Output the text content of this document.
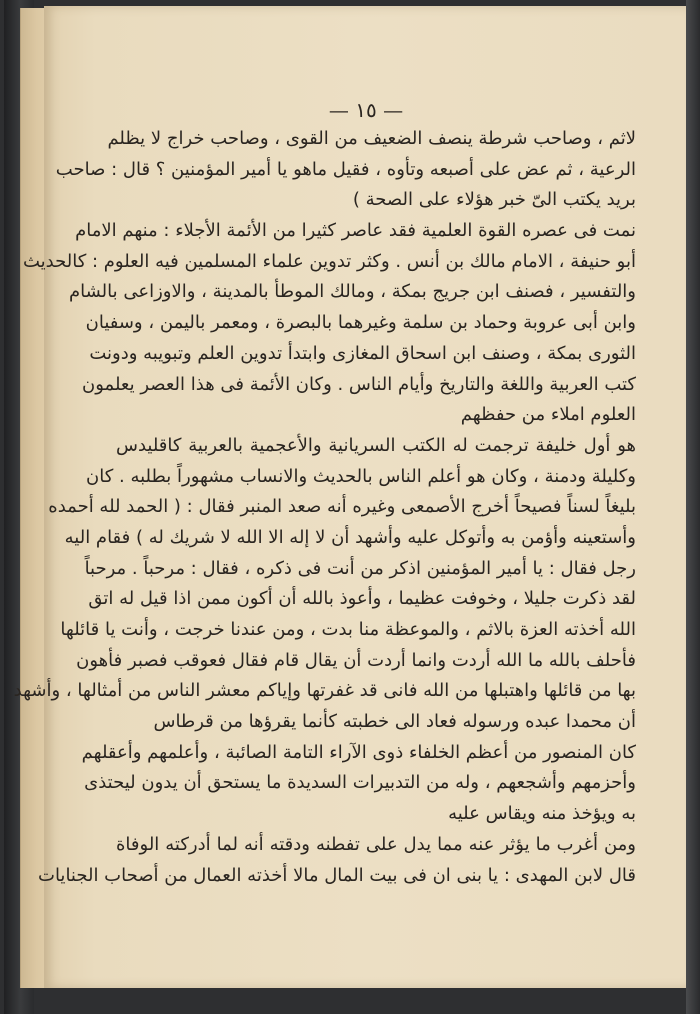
— ١٥ —

لاثم ، وصاحب شرطة ينصف الضعيف من القوى ، وصاحب خراج لا يظلم

الرعية ، ثم عض على أصبعه وتأوه ، فقيل ماهو يا أمير المؤمنين ؟ قال : صاحب

بريد يكتب الىّ خبر هؤلاء على الصحة )

نمت فى عصره القوة العلمية فقد عاصر كثيرا من الأئمة الأجلاء : منهم الامام

أبو حنيفة ، الامام مالك بن أنس . وكثر تدوين علماء المسلمين فيه العلوم : كالحديث

والتفسير ، فصنف ابن جريج بمكة ، ومالك الموطأ بالمدينة ، والاوزاعى بالشام

وابن أبى عروبة وحماد بن سلمة وغيرهما بالبصرة ، ومعمر باليمن ، وسفيان

الثورى بمكة ، وصنف ابن اسحاق المغازى وابتدأ تدوين العلم وتبويبه ودونت

كتب العربية واللغة والتاريخ وأيام الناس . وكان الأئمة فى هذا العصر يعلمون

العلوم املاء من حفظهم

هو أول خليفة ترجمت له الكتب السريانية والأعجمية بالعربية كاقليدس

وكليلة ودمنة ، وكان هو أعلم الناس بالحديث والانساب مشهوراً بطلبه . كان

بليغاً لسناً فصيحاً أخرج الأصمعى وغيره أنه صعد المنبر فقال : ( الحمد لله أحمده

وأستعينه وأؤمن به وأتوكل عليه وأشهد أن لا إله الا الله لا شريك له ) فقام اليه

رجل فقال : يا أمير المؤمنين اذكر من أنت فى ذكره ، فقال : مرحباً . مرحباً

لقد ذكرت جليلا ، وخوفت عظيما ، وأعوذ بالله أن أكون ممن اذا قيل له اتق

الله أخذته العزة بالاثم ، والموعظة منا بدت ، ومن عندنا خرجت ، وأنت يا قائلها

فأحلف بالله ما الله أردت وانما أردت أن يقال قام فقال فعوقب فصبر فأهون

بها من قائلها واهتبلها من الله فانى قد غفرتها وإياكم معشر الناس من أمثالها ، وأشهد

أن محمدا عبده ورسوله فعاد الى خطبته كأنما يقرؤها من قرطاس

كان المنصور من أعظم الخلفاء ذوى الآراء التامة الصائبة ، وأعلمهم وأعقلهم

وأحزمهم وأشجعهم ، وله من التدبيرات السديدة ما يستحق أن يدون ليحتذى

به ويؤخذ منه ويقاس عليه

ومن أغرب ما يؤثر عنه مما يدل على تفطنه ودقته أنه لما أدركته الوفاة

قال لابن المهدى : يا بنى ان فى بيت المال مالا أخذته العمال من أصحاب الجنايات
